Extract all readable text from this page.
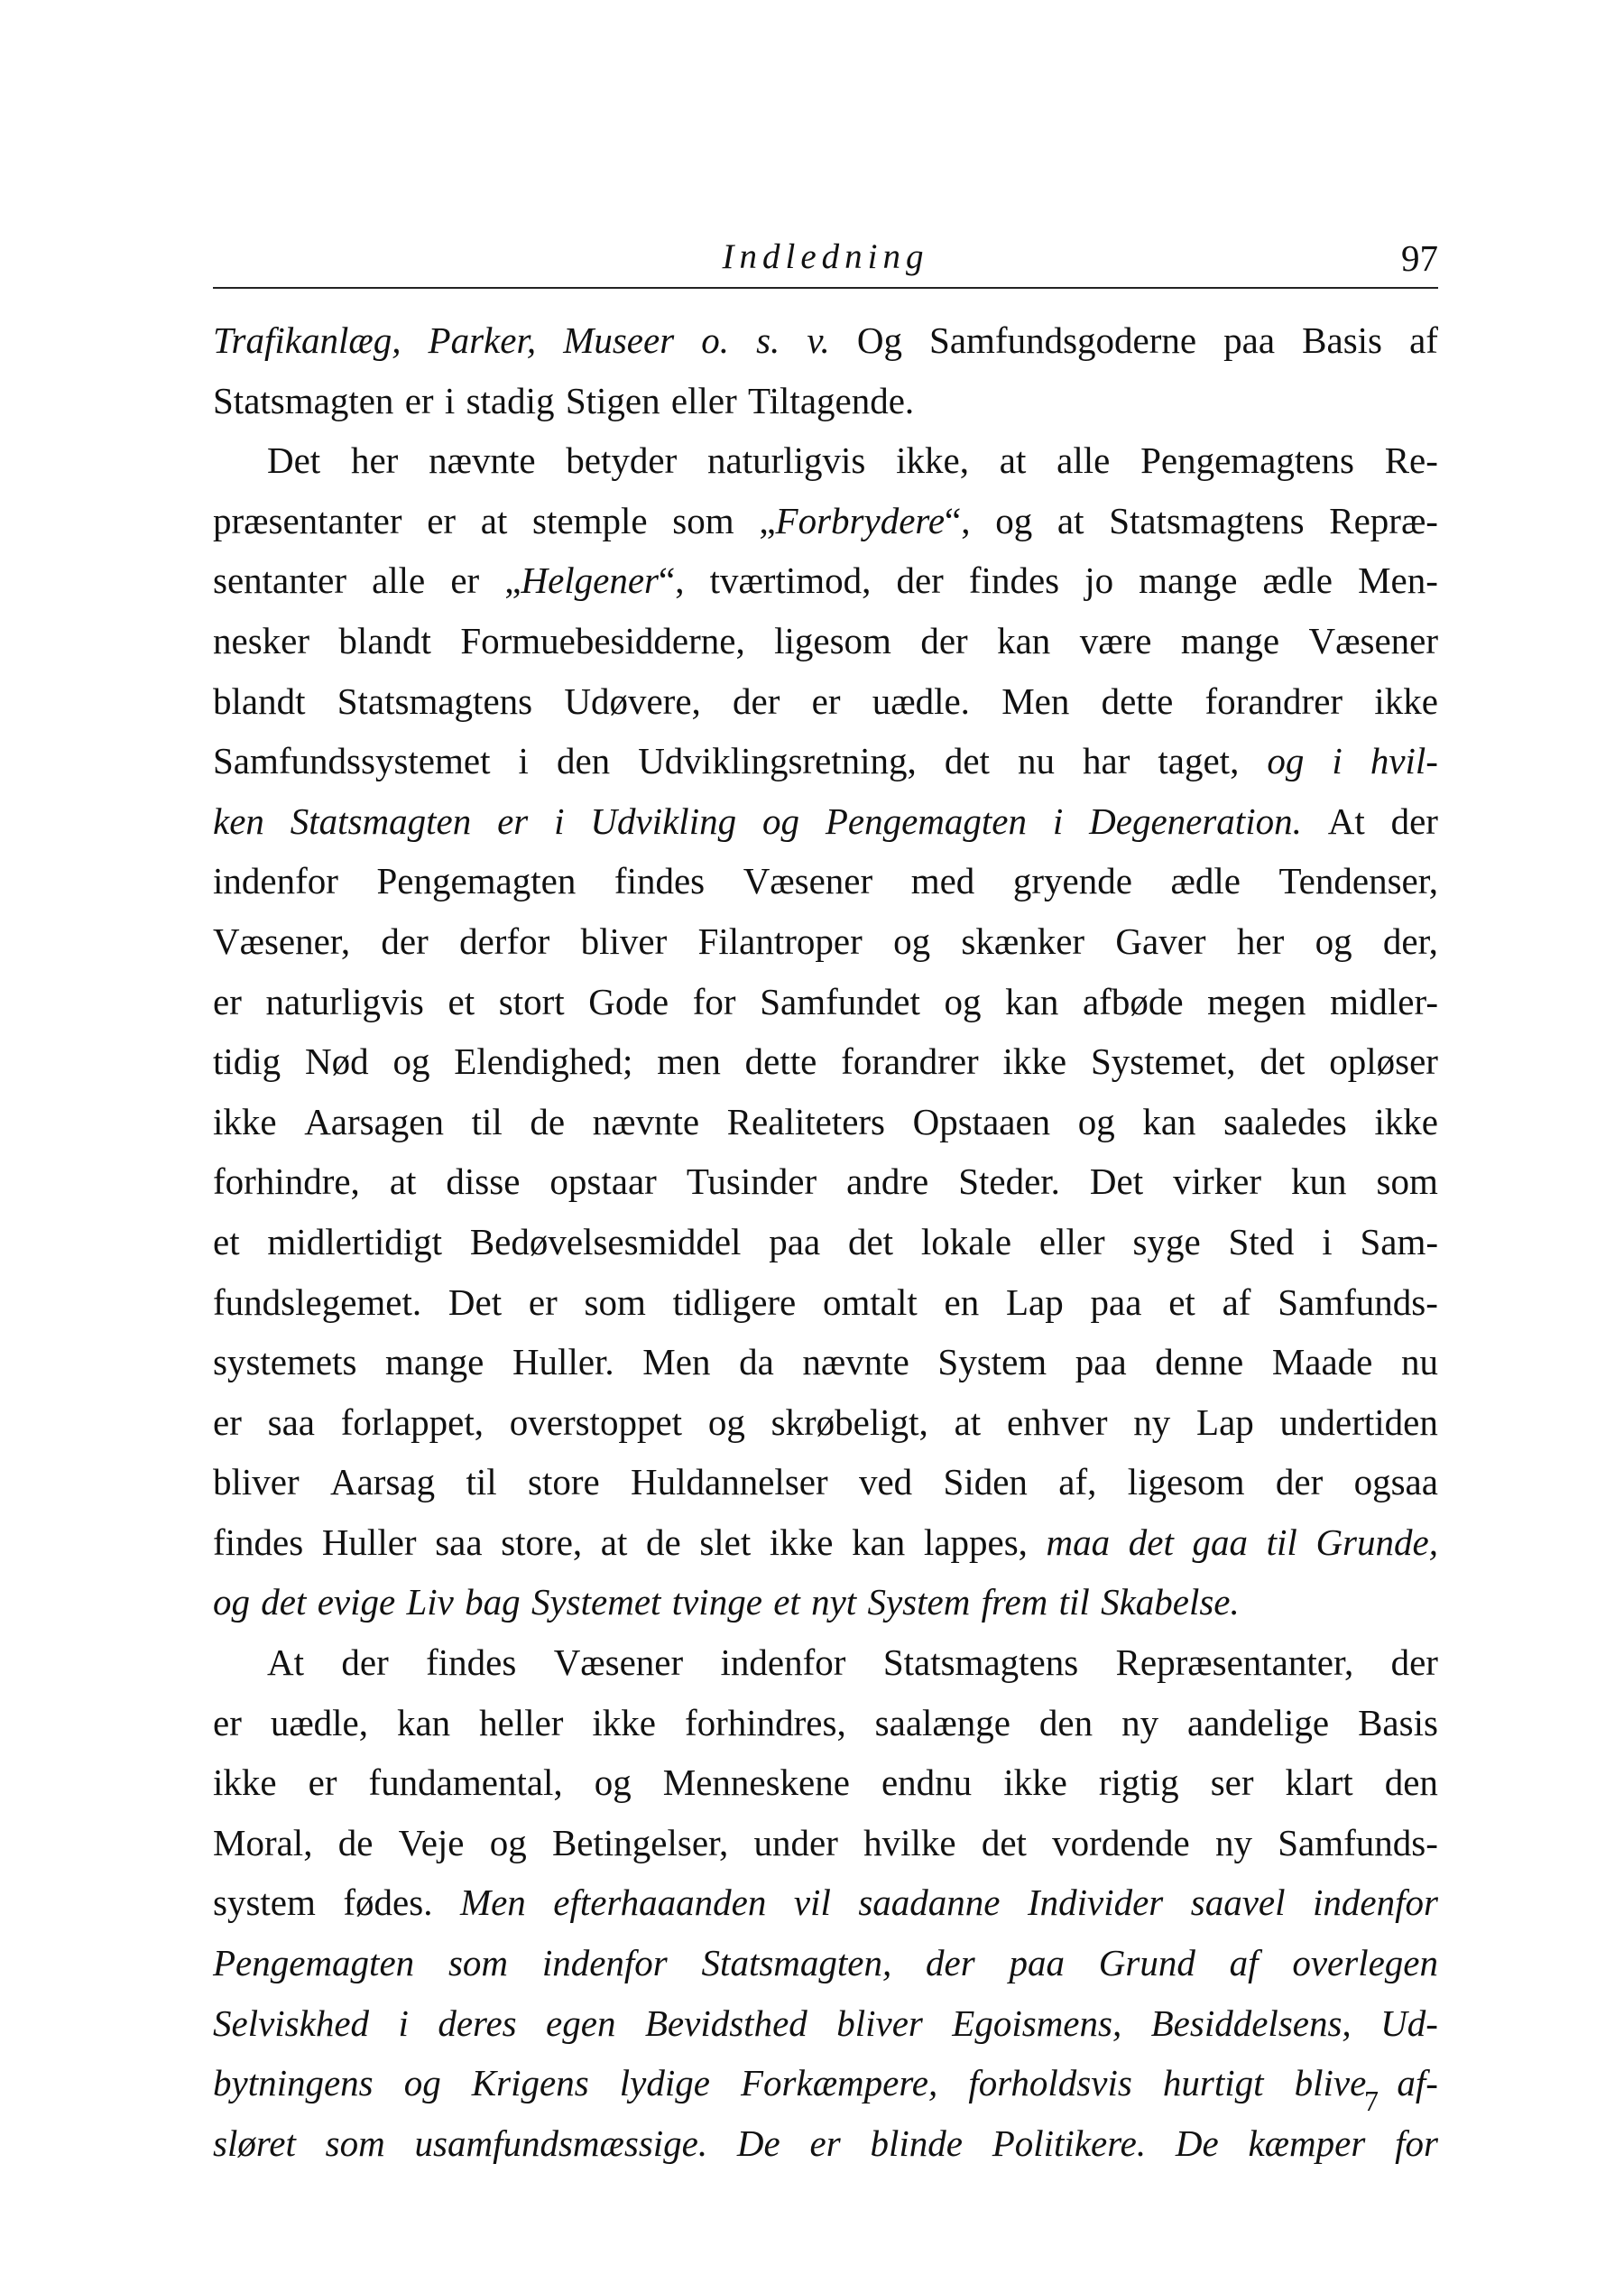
Indledning	97
Trafikanlæg, Parker, Museer o. s. v. Og Samfundsgoderne paa Basis af
Statsmagten er i stadig Stigen eller Tiltagende.
Det her nævnte betyder naturligvis ikke, at alle Pengemagtens Re-
præsentanter er at stemple som „Forbrydere“, og at Statsmagtens Repræ-
sentanter alle er „Helgener“, tværtimod, der findes jo mange ædle Men-
nesker blandt Formuebesidderne, ligesom der kan være mange Væsener
blandt Statsmagtens Udøvere, der er uædle. Men dette forandrer ikke
Samfundssystemet i den Udviklingsretning, det nu har taget, og i hvil-
ken Statsmagten er i Udvikling og Pengemagten i Degeneration. At der
indenfor Pengemagten findes Væsener med gryende ædle Tendenser,
Væsener, der derfor bliver Filantroper og skænker Gaver her og der,
er naturligvis et stort Gode for Samfundet og kan afbøde megen midler-
tidig Nød og Elendighed; men dette forandrer ikke Systemet, det opløser
ikke Aarsagen til de nævnte Realiteters Opstaaen og kan saaledes ikke
forhindre, at disse opstaar Tusinder andre Steder. Det virker kun som
et midlertidigt Bedøvelsesmiddel paa det lokale eller syge Sted i Sam-
fundslegemet. Det er som tidligere omtalt en Lap paa et af Samfunds-
systemets mange Huller. Men da nævnte System paa denne Maade nu
er saa forlappet, overstoppet og skrøbeligt, at enhver ny Lap undertiden
bliver Aarsag til store Huldannelser ved Siden af, ligesom der ogsaa
findes Huller saa store, at de slet ikke kan lappes, maa det gaa til Grunde,
og det evige Liv bag Systemet tvinge et nyt System frem til Skabelse.
At der findes Væsener indenfor Statsmagtens Repræsentanter, der
er uædle, kan heller ikke forhindres, saalænge den ny aandelige Basis
ikke er fundamental, og Menneskene endnu ikke rigtig ser klart den
Moral, de Veje og Betingelser, under hvilke det vordende ny Samfunds-
system fødes. Men efterhaaanden vil saadanne Individer saavel indenfor
Pengemagten som indenfor Statsmagten, der paa Grund af overlegen
Selviskhed i deres egen Bevidsthed bliver Egoismens, Besiddelsens, Ud-
bytningens og Krigens lydige Forkæmpere, forholdsvis hurtigt blive af-
sløret som usamfundsmæssige. De er blinde Politikere. De kæmper for
7
